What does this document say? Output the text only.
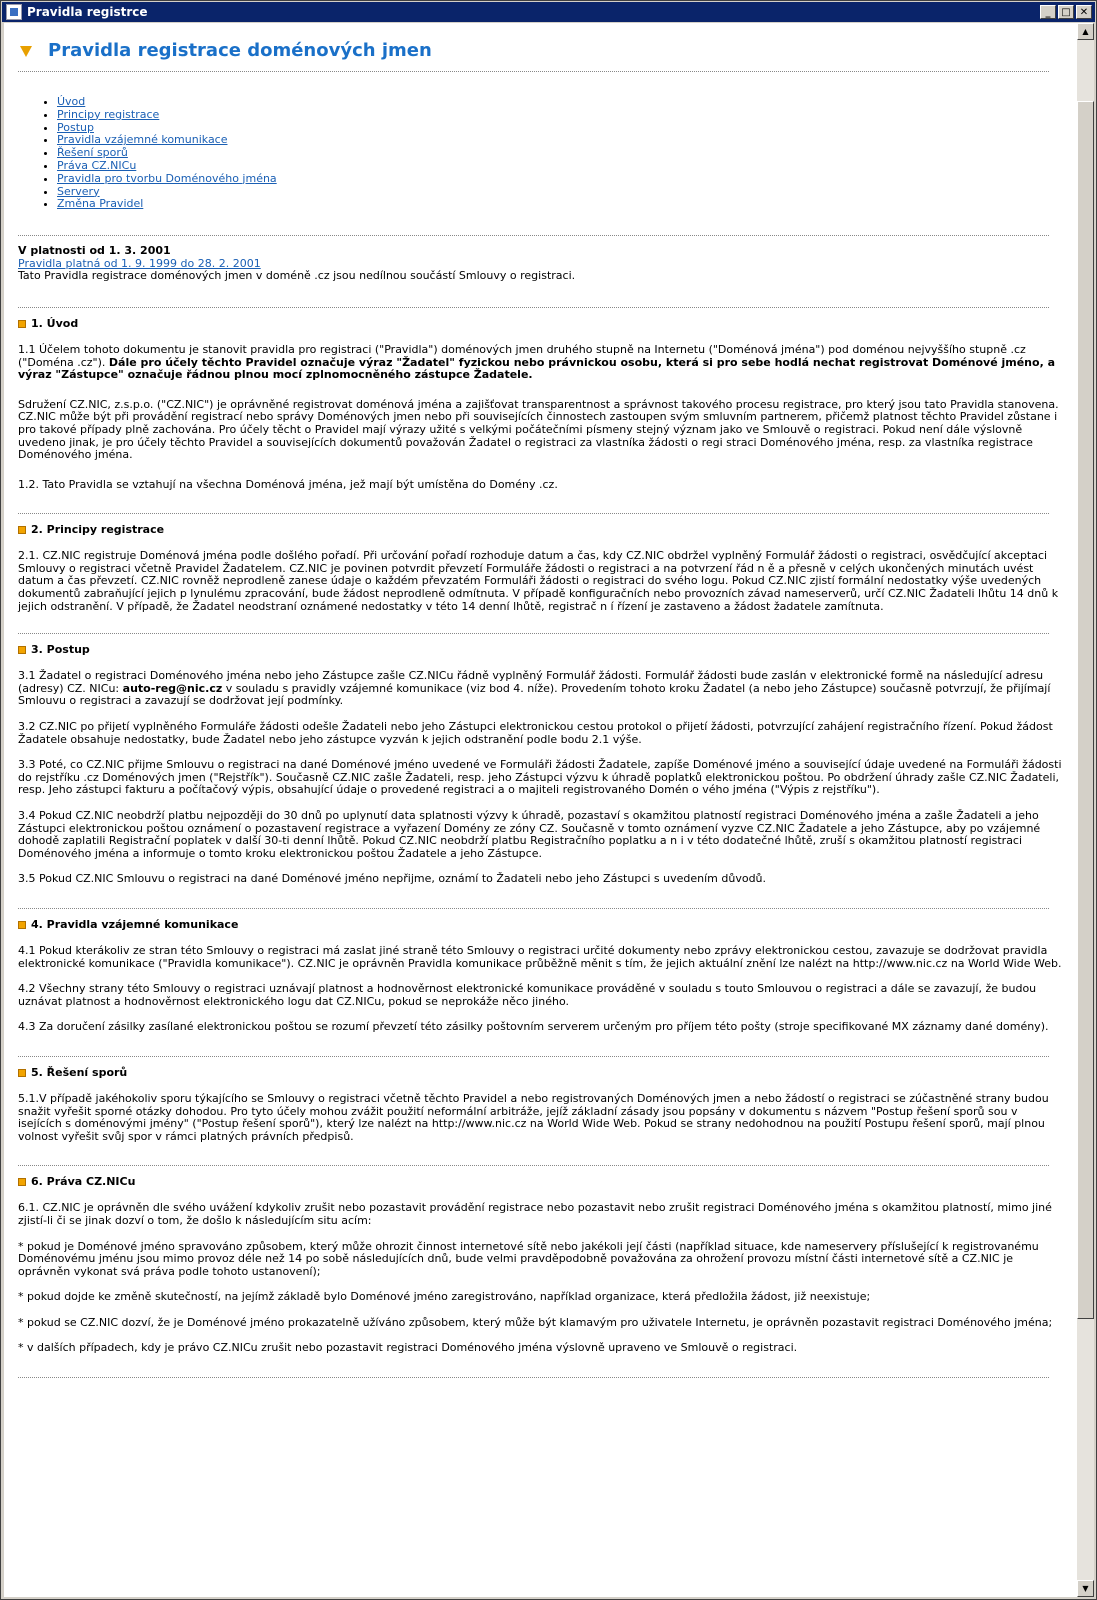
Pravidla registrce	_	□ ✕
Pravidla registrace doménových jmen
• Úvod
• Principy registrace
• Postup
• Pravidla vzájemné komunikace
• Řešení sporů
• Práva CZ.NICu
• Pravidla pro tvorbu Doménového jména
• Servery
• Změna Pravidel

V platnosti od 1. 3. 2001

Pravidla platná od 1. 9. 1999 do 28. 2. 2001

Tato Pravidla registrace doménových jmen v doméně .cz jsou nedílnou součástí Smlouvy o registraci.

1. Úvod

1.1 Účelem tohoto dokumentu je stanovit pravidla pro registraci ("Pravidla") doménových jmen druhého stupně na Internetu ("Doménová jména") pod doménou nejvyššího stupně .cz ("Doména .cz"). Dále pro účely těchto Pravidel označuje výraz "Žadatel" fyzickou nebo právnickou osobu, která si pro sebe hodlá nechat registrovat Doménové jméno, a výraz "Zástupce" označuje řádnou plnou mocí zplnomocněného zástupce Žadatele.

Sdružení CZ.NIC, z.s.p.o. ("CZ.NIC") je oprávněné registrovat doménová jména a zajišťovat transparentnost a správnost takového procesu registrace, pro který jsou tato Pravidla stanovena. CZ.NIC může být při provádění registrací nebo správy Doménových jmen nebo při souvisejících činnostech zastoupen svým smluvním partnerem, přičemž platnost těchto Pravidel zůstane i pro takové případy plně zachována. Pro účely těcht o Pravidel mají výrazy užité s velkými počátečními písmeny stejný význam jako ve Smlouvě o registraci. Pokud není dále výslovně uvedeno jinak, je pro účely těchto Pravidel a souvisejících dokumentů považován Žadatel o registraci za vlastníka žádosti o regi straci Doménového jména, resp. za vlastníka registrace Doménového jména.

1.2. Tato Pravidla se vztahují na všechna Doménová jména, jež mají být umístěna do Domény .cz.

2. Principy registrace

2.1. CZ.NIC registruje Doménová jména podle došlého pořadí. Při určování pořadí rozhoduje datum a čas, kdy CZ.NIC obdržel vyplněný Formulář žádosti o registraci, osvědčující akceptaci Smlouvy o registraci včetně Pravidel Žadatelem. CZ.NIC je povinen potvrdit převzetí Formuláře žádosti o registraci a na potvrzení řád n ě a přesně v celých ukončených minutách uvést datum a čas převzetí. CZ.NIC rovněž neprodleně zanese údaje o každém převzatém Formuláři žádosti o registraci do svého logu. Pokud CZ.NIC zjistí formální nedostatky výše uvedených dokumentů zabraňující jejich p lynulému zpracování, bude žádost neprodleně odmítnuta. V případě konfiguračních nebo provozních závad nameserverů, určí CZ.NIC Žadateli lhůtu 14 dnů k jejich odstranění. V případě, že Žadatel neodstraní oznámené nedostatky v této 14 denní lhůtě, registrač n í řízení je zastaveno a žádost žadatele zamítnuta.

3. Postup

3.1 Žadatel o registraci Doménového jména nebo jeho Zástupce zašle CZ.NICu řádně vyplněný Formulář žádosti. Formulář žádosti bude zaslán v elektronické formě na následující adresu (adresy) CZ. NICu: auto-reg@nic.cz v souladu s pravidly vzájemné komunikace (viz bod 4. níže). Provedením tohoto kroku Žadatel (a nebo jeho Zástupce) současně potvrzují, že přijímají Smlouvu o registraci a zavazují se dodržovat její podmínky.

3.2 CZ.NIC po přijetí vyplněného Formuláře žádosti odešle Žadateli nebo jeho Zástupci elektronickou cestou protokol o přijetí žádosti, potvrzující zahájení registračního řízení. Pokud žádost Žadatele obsahuje nedostatky, bude Žadatel nebo jeho zástupce vyzván k jejich odstranění podle bodu 2.1 výše.

3.3 Poté, co CZ.NIC přijme Smlouvu o registraci na dané Doménové jméno uvedené ve Formuláři žádosti Žadatele, zapíše Doménové jméno a související údaje uvedené na Formuláři žádosti do rejstříku .cz Doménových jmen ("Rejstřík"). Současně CZ.NIC zašle Žadateli, resp. jeho Zástupci výzvu k úhradě poplatků elektronickou poštou. Po obdržení úhrady zašle CZ.NIC Žadateli, resp. Jeho zástupci fakturu a počítačový výpis, obsahující údaje o provedené registraci a o majiteli registrovaného Domén o vého jména ("Výpis z rejstříku").

3.4 Pokud CZ.NIC neobdrží platbu nejpozději do 30 dnů po uplynutí data splatnosti výzvy k úhradě, pozastaví s okamžitou platností registraci Doménového jména a zašle Žadateli a jeho Zástupci elektronickou poštou oznámení o pozastavení registrace a vyřazení Domény ze zóny CZ. Současně v tomto oznámení vyzve CZ.NIC Žadatele a jeho Zástupce, aby po vzájemné dohodě zaplatili Registrační poplatek v další 30-ti denní lhůtě. Pokud CZ.NIC neobdrží platbu Registračního poplatku a n i v této dodatečné lhůtě, zruší s okamžitou platností registraci Doménového jména a informuje o tomto kroku elektronickou poštou Žadatele a jeho Zástupce.

3.5 Pokud CZ.NIC Smlouvu o registraci na dané Doménové jméno nepřijme, oznámí to Žadateli nebo jeho Zástupci s uvedením důvodů.

4. Pravidla vzájemné komunikace

4.1 Pokud kterákoliv ze stran této Smlouvy o registraci má zaslat jiné straně této Smlouvy o registraci určité dokumenty nebo zprávy elektronickou cestou, zavazuje se dodržovat pravidla elektronické komunikace ("Pravidla komunikace"). CZ.NIC je oprávněn Pravidla komunikace průběžně měnit s tím, že jejich aktuální znění lze nalézt na http://www.nic.cz na World Wide Web.

4.2 Všechny strany této Smlouvy o registraci uznávají platnost a hodnověrnost elektronické komunikace prováděné v souladu s touto Smlouvou o registraci a dále se zavazují, že budou uznávat platnost a hodnověrnost elektronického logu dat CZ.NICu, pokud se neprokáže něco jiného.

4.3 Za doručení zásilky zasílané elektronickou poštou se rozumí převzetí této zásilky poštovním serverem určeným pro příjem této pošty (stroje specifikované MX záznamy dané domény).

5. Řešení sporů

5.1.V případě jakéhokoliv sporu týkajícího se Smlouvy o registraci včetně těchto Pravidel a nebo registrovaných Doménových jmen a nebo žádostí o registraci se zúčastněné strany budou snažit vyřešit sporné otázky dohodou. Pro tyto účely mohou zvážit použití neformální arbitráže, jejíž základní zásady jsou popsány v dokumentu s názvem "Postup řešení sporů sou v isejících s doménovými jmény" ("Postup řešení sporů"), který lze nalézt na http://www.nic.cz na World Wide Web. Pokud se strany nedohodnou na použití Postupu řešení sporů, mají plnou volnost vyřešit svůj spor v rámci platných právních předpisů.

6. Práva CZ.NICu

6.1. CZ.NIC je oprávněn dle svého uvážení kdykoliv zrušit nebo pozastavit provádění registrace nebo pozastavit nebo zrušit registraci Doménového jména s okamžitou platností, mimo jiné zjistí-li či se jinak dozví o tom, že došlo k následujícím situ acím:

* pokud je Doménové jméno spravováno způsobem, který může ohrozit činnost internetové sítě nebo jakékoli její části (například situace, kde nameservery příslušející k registrovanému Doménovému jménu jsou mimo provoz déle než 14 po sobě následujících dnů, bude velmi pravděpodobně považována za ohrožení provozu místní části internetové sítě a CZ.NIC je oprávněn vykonat svá práva podle tohoto ustanovení);

* pokud dojde ke změně skutečností, na jejímž základě bylo Doménové jméno zaregistrováno, například organizace, která předložila žádost, již neexistuje;

* pokud se CZ.NIC dozví, že je Doménové jméno prokazatelně užíváno způsobem, který může být klamavým pro uživatele Internetu, je oprávněn pozastavit registraci Doménového jména;

* v dalších případech, kdy je právo CZ.NICu zrušit nebo pozastavit registraci Doménového jména výslovně upraveno ve Smlouvě o registraci.

▲
▼
